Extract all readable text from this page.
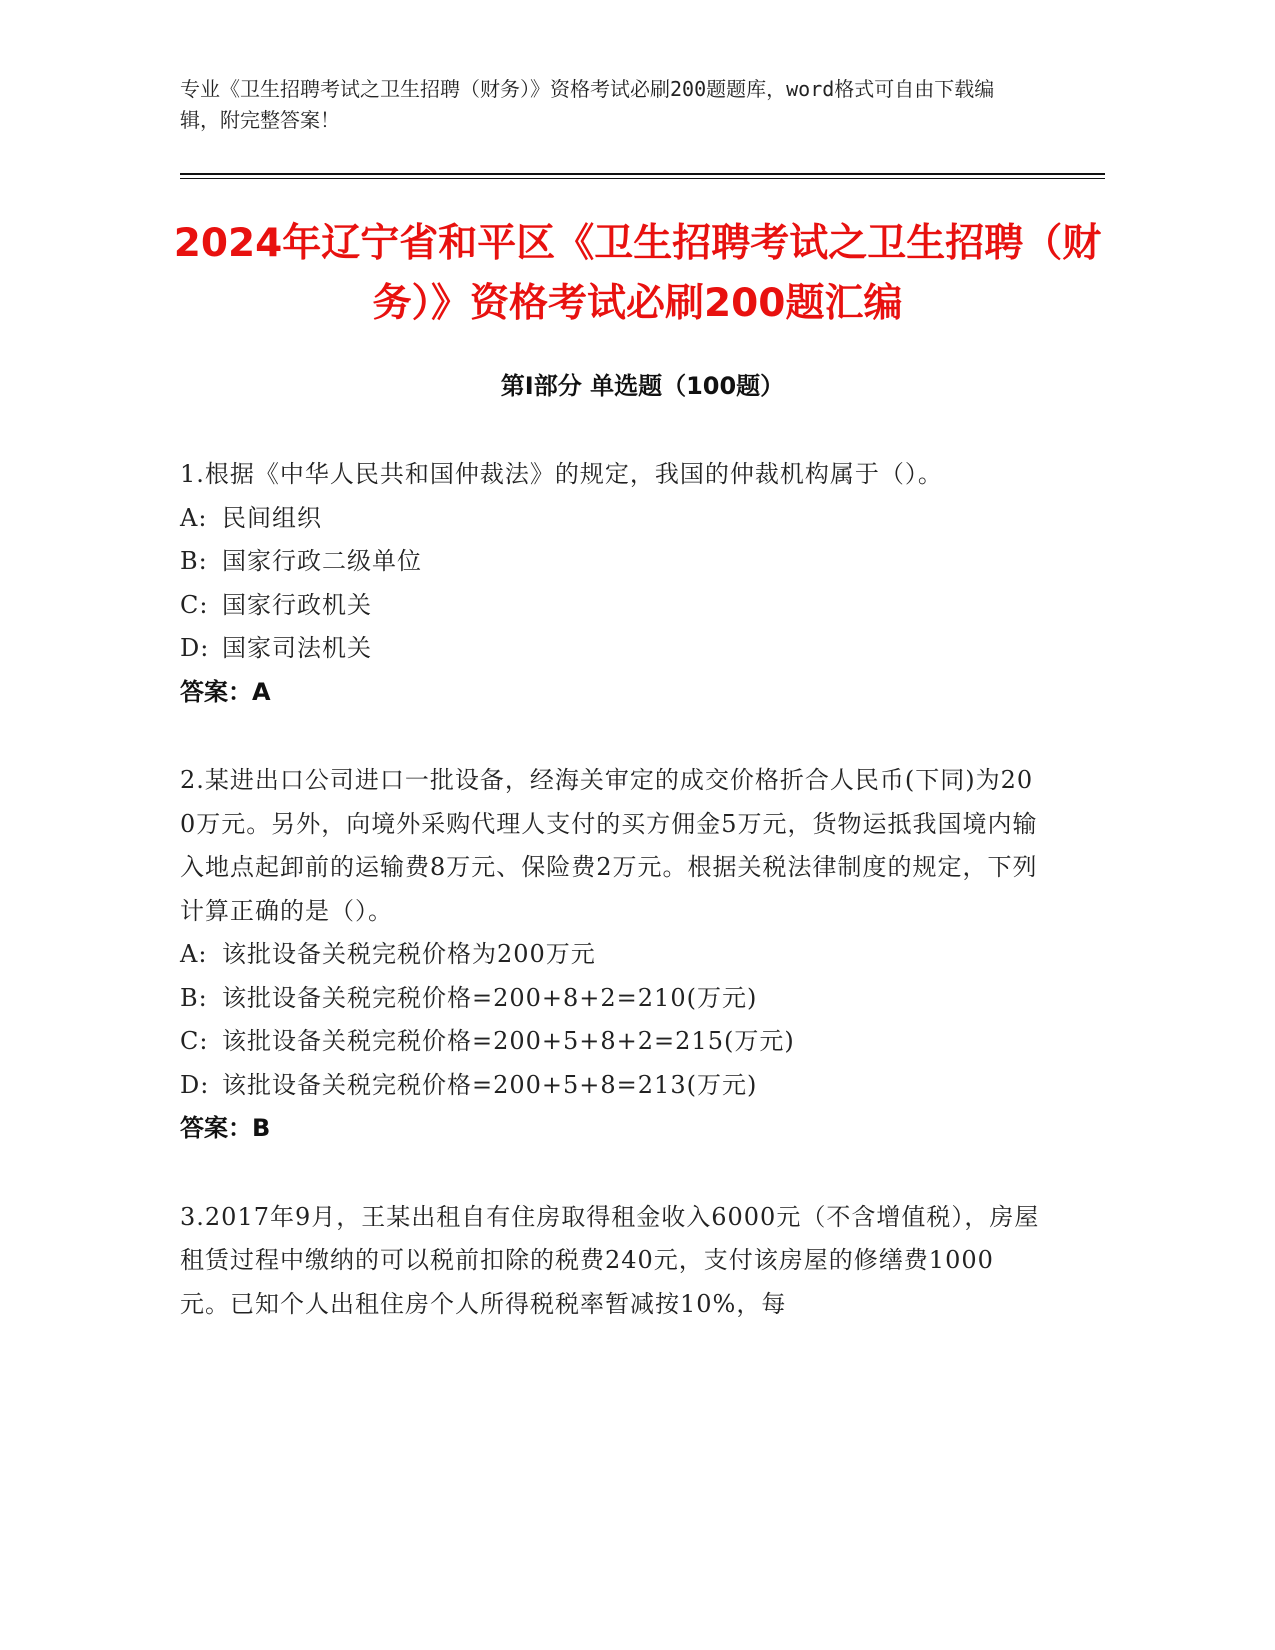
专业《卫生招聘考试之卫生招聘（财务）》资格考试必刷200题题库，word格式可自由下载编辑，附完整答案！
2024年辽宁省和平区《卫生招聘考试之卫生招聘（财务）》资格考试必刷200题汇编
第Ⅰ部分 单选题（100题）
1.根据《中华人民共和国仲裁法》的规定，我国的仲裁机构属于（）。
A: 民间组织
B: 国家行政二级单位
C: 国家行政机关
D: 国家司法机关
答案：A
2.某进出口公司进口一批设备，经海关审定的成交价格折合人民币(下同)为200万元。另外，向境外采购代理人支付的买方佣金5万元，货物运抵我国境内输入地点起卸前的运输费8万元、保险费2万元。根据关税法律制度的规定，下列计算正确的是（）。
A: 该批设备关税完税价格为200万元
B: 该批设备关税完税价格=200+8+2=210(万元)
C: 该批设备关税完税价格=200+5+8+2=215(万元)
D: 该批设备关税完税价格=200+5+8=213(万元)
答案：B
3.2017年9月，王某出租自有住房取得租金收入6000元（不含增值税），房屋租赁过程中缴纳的可以税前扣除的税费240元，支付该房屋的修缮费1000元。已知个人出租住房个人所得税税率暂减按10%，每
